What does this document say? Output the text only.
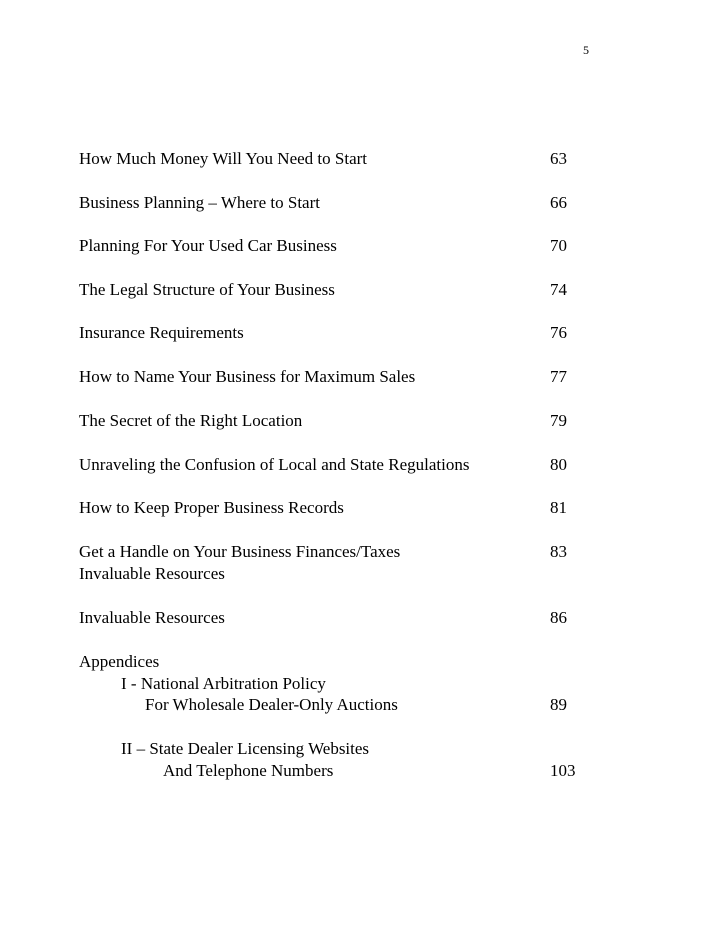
5
How Much Money Will You Need to Start	63
Business Planning – Where to Start	66
Planning For Your Used Car Business	70
The Legal Structure of Your Business	74
Insurance Requirements	76
How to Name Your Business for Maximum Sales	77
The Secret of the Right Location	79
Unraveling the Confusion of Local and State Regulations	80
How to Keep Proper Business Records	81
Get a Handle on Your Business Finances/Taxes	83
Invaluable Resources
Invaluable Resources	86
Appendices
I - National Arbitration Policy
For Wholesale Dealer-Only Auctions	89
II – State Dealer Licensing Websites
And Telephone Numbers	103
